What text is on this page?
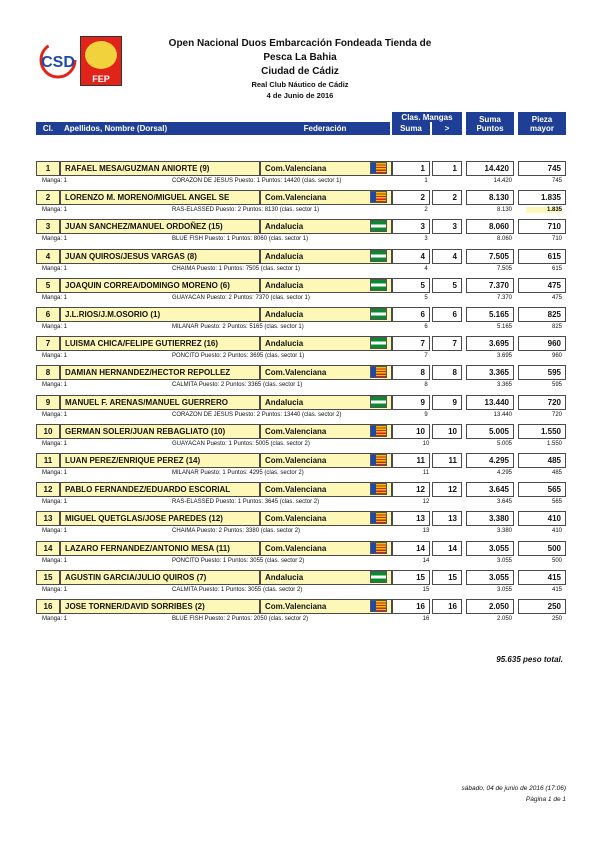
CSD
FEP
Open Nacional Duos Embarcación Fondeada Tienda de
Pesca La Bahia
Ciudad de Cádiz
Real Club Náutico de Cádiz
4 de Junio de 2016
Cl.	Apellidos, Nombre (Dorsal)	Federación
Clas. Mangas
Suma	>
Suma Puntos
Pieza mayor
1	RAFAEL MESA/GUZMAN ANIORTE (9)	Com.Valenciana	1	1	14.420	745
Manga: 1	CORAZON DE JESUS Puesto: 1 Puntos: 14420 (clas. sector 1)	1	14.420	745
2	LORENZO M. MORENO/MIGUEL ANGEL SE	Com.Valenciana	2	2	8.130	1.835
Manga: 1	RAS-ELASSED Puesto: 2 Puntos: 8130 (clas. sector 1)	2	8.130	1.835
3	JUAN SANCHEZ/MANUEL ORDOÑEZ (15)	Andalucia	3	3	8.060	710
Manga: 1	BLUE FISH Puesto: 1 Puntos: 8060 (clas. sector 1)	3	8.060	710
4	JUAN QUIROS/JESUS VARGAS (8)	Andalucia	4	4	7.505	615
Manga: 1	CHAIMA Puesto: 1 Puntos: 7505 (clas. sector 1)	4	7.505	615
5	JOAQUIN CORREA/DOMINGO MORENO (6)	Andalucia	5	5	7.370	475
Manga: 1	GUAYACAN Puesto: 2 Puntos: 7370 (clas. sector 1)	5	7.370	475
6	J.L.RIOS/J.M.OSORIO (1)	Andalucia	6	6	5.165	825
Manga: 1	MILANAR Puesto: 2 Puntos: 5165 (clas. sector 1)	6	5.165	825
7	LUISMA CHICA/FELIPE GUTIERREZ (16)	Andalucia	7	7	3.695	960
Manga: 1	PONCITO Puesto: 2 Puntos: 3695 (clas. sector 1)	7	3.695	960
8	DAMIAN HERNANDEZ/HECTOR REPOLLEZ	Com.Valenciana	8	8	3.365	595
Manga: 1	CALMITA Puesto: 2 Puntos: 3365 (clas. sector 1)	8	3.365	595
9	MANUEL F. ARENAS/MANUEL GUERRERO	Andalucia	9	9	13.440	720
Manga: 1	CORAZON DE JESUS Puesto: 2 Puntos: 13440 (clas. sector 2)	9	13.440	720
10	GERMAN SOLER/JUAN REBAGLIATO (10)	Com.Valenciana	10	10	5.005	1.550
Manga: 1	GUAYACAN Puesto: 1 Puntos: 5005 (clas. sector 2)	10	5.005	1.550
11	LUAN PEREZ/ENRIQUE PEREZ (14)	Com.Valenciana	11	11	4.295	485
Manga: 1	MILANAR Puesto: 1 Puntos: 4295 (clas. sector 2)	11	4.295	485
12	PABLO FERNANDEZ/EDUARDO ESCORIAL	Com.Valenciana	12	12	3.645	565
Manga: 1	RAS-ELASSED Puesto: 1 Puntos: 3645 (clas. sector 2)	12	3.645	565
13	MIGUEL QUETGLAS/JOSE PAREDES (12)	Com.Valenciana	13	13	3.380	410
Manga: 1	CHAIMA Puesto: 2 Puntos: 3380 (clas. sector 2)	13	3.380	410
14	LAZARO FERNANDEZ/ANTONIO MESA (11)	Com.Valenciana	14	14	3.055	500
Manga: 1	PONCITO Puesto: 1 Puntos: 3055 (clas. sector 2)	14	3.055	500
15	AGUSTIN GARCIA/JULIO QUIROS (7)	Andalucia	15	15	3.055	415
Manga: 1	CALMITA Puesto: 1 Puntos: 3055 (clas. sector 2)	15	3.055	415
16	JOSE TORNER/DAVID SORRIBES (2)	Com.Valenciana	16	16	2.050	250
Manga: 1	BLUE FISH Puesto: 2 Puntos: 2050 (clas. sector 2)	16	2.050	250
95.635 peso total.
sábado, 04 de junio de 2016 (17:06)
Página 1 de 1
